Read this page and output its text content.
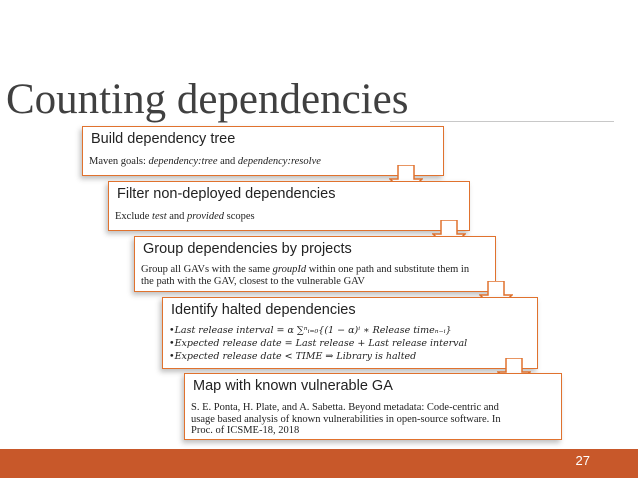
Counting dependencies
Build dependency tree
Maven goals: dependency:tree and dependency:resolve
Filter non-deployed dependencies
Exclude test and provided scopes
Group dependencies by projects
Group all GAVs with the same groupId within one path and substitute them in the path with the GAV, closest to the vulnerable GAV
Identify halted dependencies
•Last release interval = α ∑ⁿᵢ₌₀{(1 − α)ⁱ ∗ Release timeₙ₋ᵢ}
•Expected release date = Last release + Last release interval
•Expected release date < TIME ⇒ Library is halted
Map with known vulnerable GA
S. E. Ponta, H. Plate, and A. Sabetta. Beyond metadata: Code-centric and usage based analysis of known vulnerabilities in open-source software. In Proc. of ICSME-18, 2018
27
